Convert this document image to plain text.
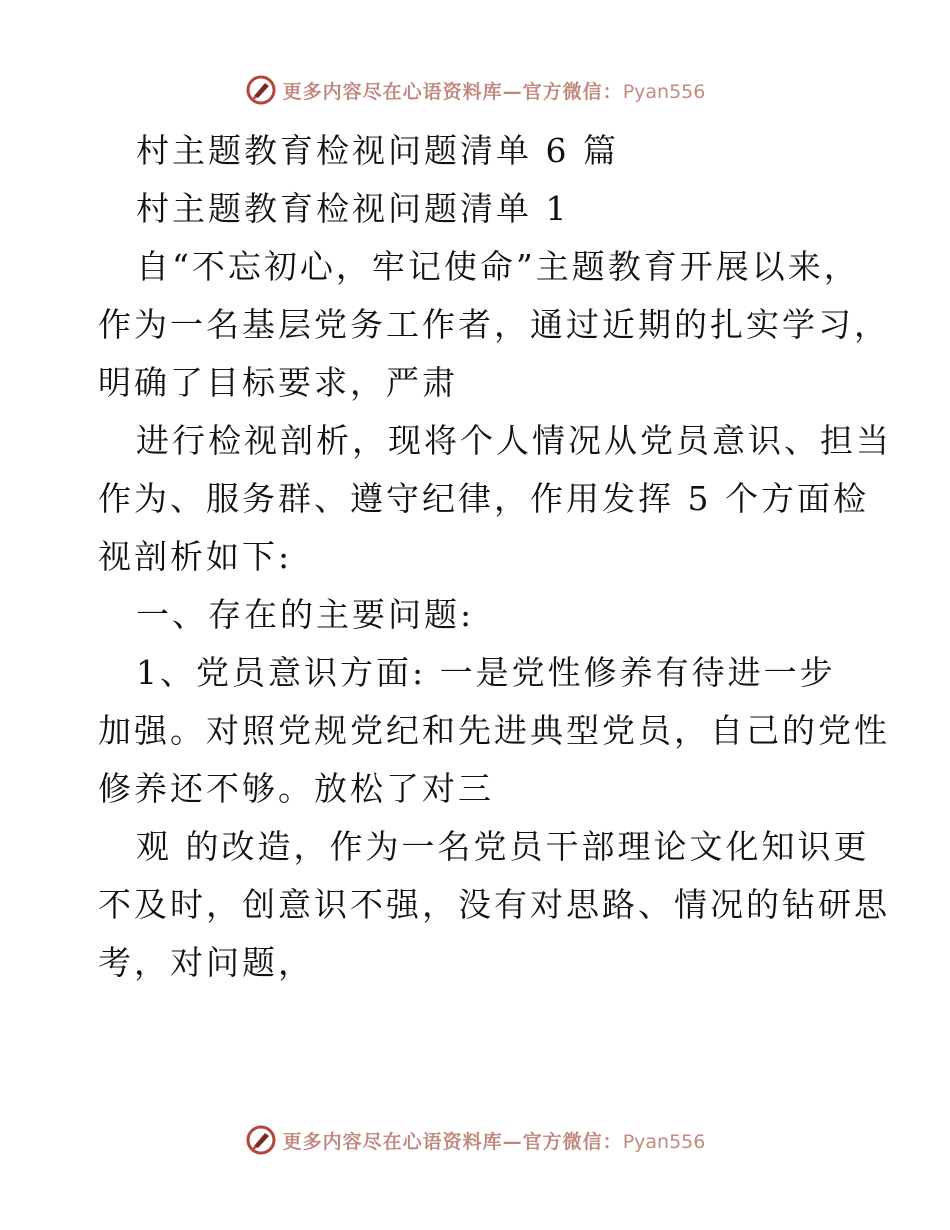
更多内容尽在心语资料库—官方微信：Pyan556
村主题教育检视问题清单 6 篇
村主题教育检视问题清单 1
自“不忘初心，牢记使命”主题教育开展以来，
作为一名基层党务工作者，通过近期的扎实学习，
明确了目标要求，严肃
进行检视剖析，现将个人情况从党员意识、担当
作为、服务群、遵守纪律，作用发挥 5 个方面检
视剖析如下:
一、存在的主要问题:
1、党员意识方面: 一是党性修养有待进一步
加强。对照党规党纪和先进典型党员，自己的党性
修养还不够。放松了对三
观 的改造，作为一名党员干部理论文化知识更
不及时，创意识不强，没有对思路、情况的钻研思
考，对问题，
更多内容尽在心语资料库—官方微信：Pyan556
